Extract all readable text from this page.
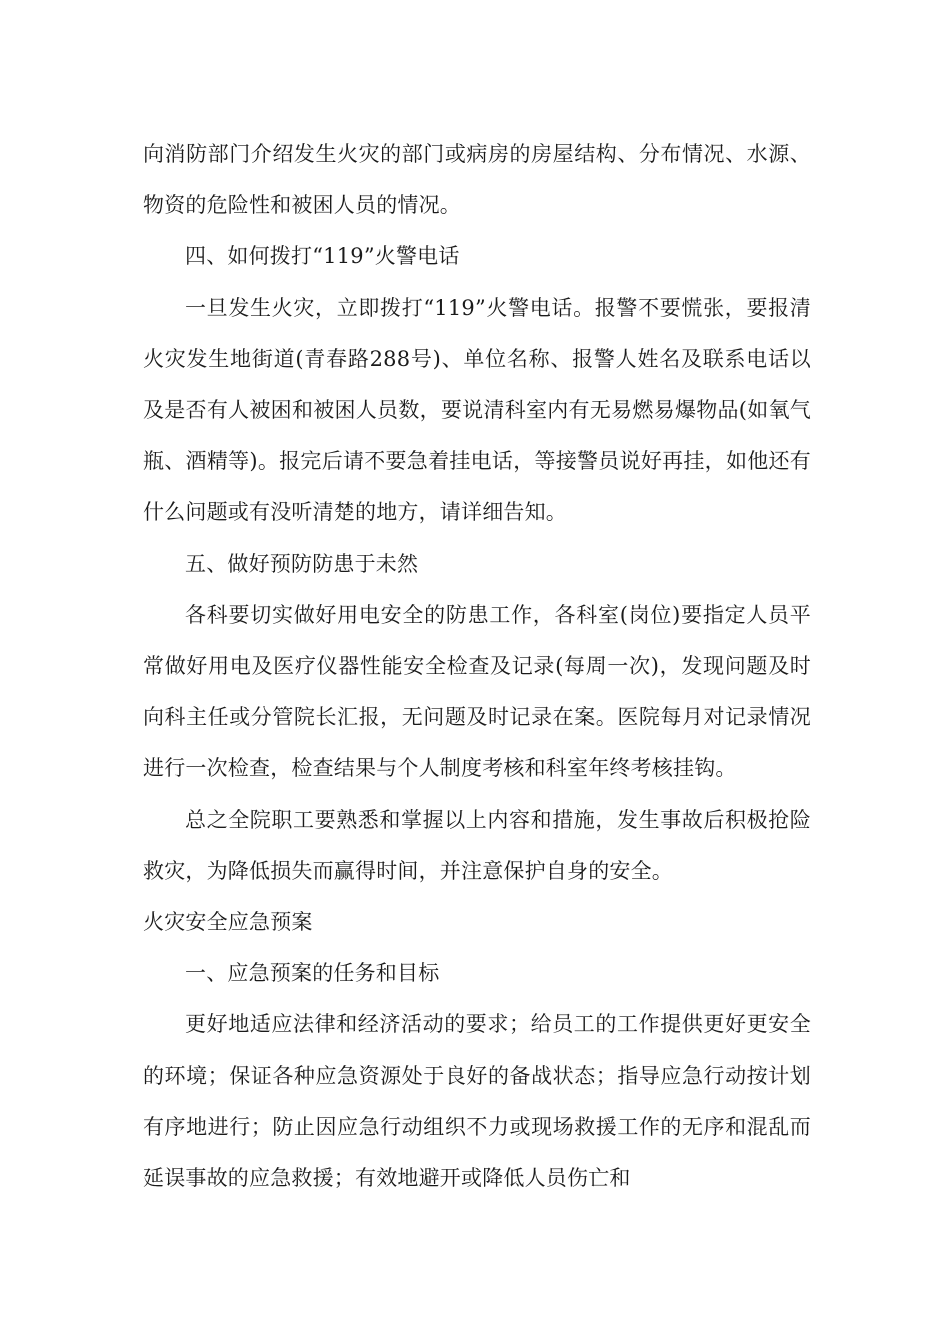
向消防部门介绍发生火灾的部门或病房的房屋结构、分布情况、水源、物资的危险性和被困人员的情况。

四、如何拨打“119”火警电话

一旦发生火灾，立即拨打“119”火警电话。报警不要慌张，要报清火灾发生地街道(青春路288号)、单位名称、报警人姓名及联系电话以及是否有人被困和被困人员数，要说清科室内有无易燃易爆物品(如氧气瓶、酒精等)。报完后请不要急着挂电话，等接警员说好再挂，如他还有什么问题或有没听清楚的地方，请详细告知。

五、做好预防防患于未然

各科要切实做好用电安全的防患工作，各科室(岗位)要指定人员平常做好用电及医疗仪器性能安全检查及记录(每周一次)，发现问题及时向科主任或分管院长汇报，无问题及时记录在案。医院每月对记录情况进行一次检查，检查结果与个人制度考核和科室年终考核挂钩。

总之全院职工要熟悉和掌握以上内容和措施，发生事故后积极抢险救灾，为降低损失而赢得时间，并注意保护自身的安全。

火灾安全应急预案

一、应急预案的任务和目标

更好地适应法律和经济活动的要求；给员工的工作提供更好更安全的环境；保证各种应急资源处于良好的备战状态；指导应急行动按计划有序地进行；防止因应急行动组织不力或现场救援工作的无序和混乱而延误事故的应急救援；有效地避开或降低人员伤亡和
